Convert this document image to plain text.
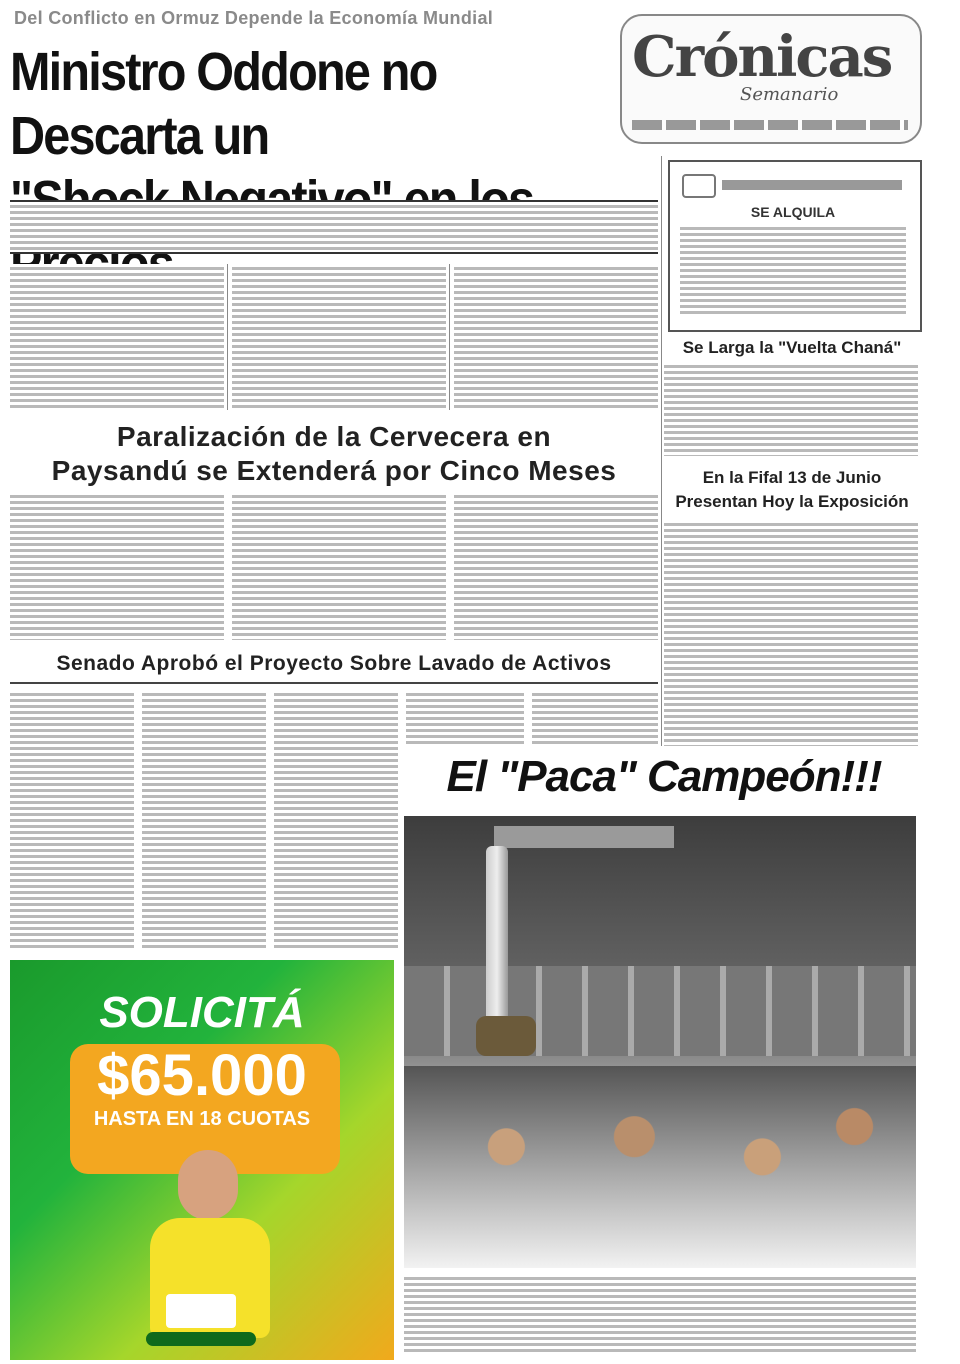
Del Conflicto en Ormuz Depende la Economía Mundial
Ministro Oddone no Descarta un
Crónicas
Semanario
SE ALQUILA
Se Larga la "Vuelta Chaná"
En la Fifal 13 de Junio
Presentan Hoy la Exposición
Paralización de la Cervecera en
Paysandú se Extenderá por Cinco Meses
Senado Aprobó el Proyecto Sobre Lavado de Activos
El "Paca" Campeón!!!
SOLICITÁ
$65.000
HASTA EN 18 CUOTAS
